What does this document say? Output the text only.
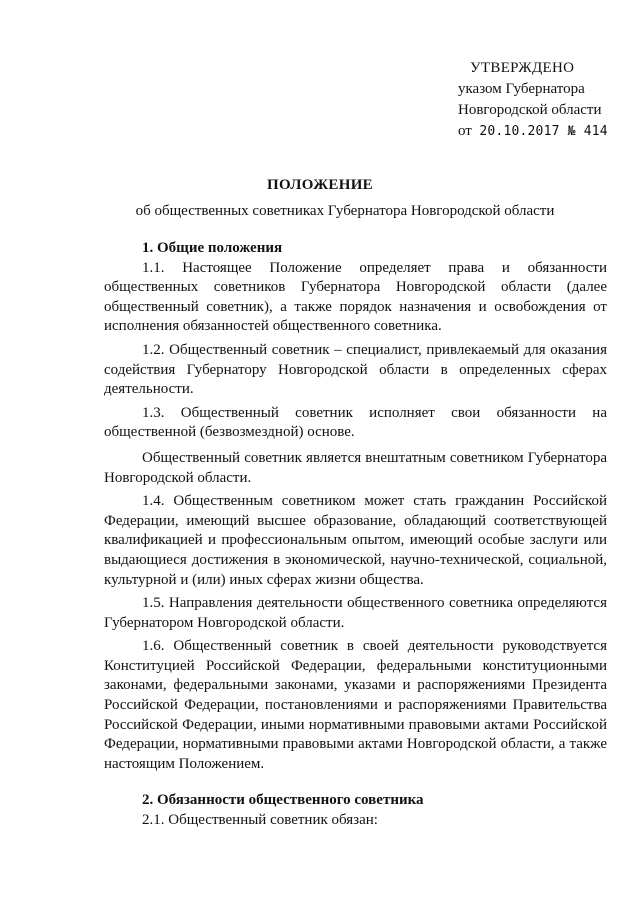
УТВЕРЖДЕНО
указом Губернатора
Новгородской области
от 20.10.2017 № 414
ПОЛОЖЕНИЕ
об общественных советниках Губернатора Новгородской области

1. Общие положения

1.1. Настоящее Положение определяет права и обязанности общественных советников Губернатора Новгородской области (далее общественный советник), а также порядок назначения и освобождения от исполнения обязанностей общественного советника.

1.2. Общественный советник – специалист, привлекаемый для оказания содействия Губернатору Новгородской области в определенных сферах деятельности.

1.3. Общественный советник исполняет свои обязанности на общественной (безвозмездной) основе.

Общественный советник является внештатным советником Губернатора Новгородской области.

1.4. Общественным советником может стать гражданин Российской Федерации, имеющий высшее образование, обладающий соответствующей квалификацией и профессиональным опытом, имеющий особые заслуги или выдающиеся достижения в экономической, научно-технической, социальной, культурной и (или) иных сферах жизни общества.

1.5. Направления деятельности общественного советника определяются Губернатором Новгородской области.

1.6. Общественный советник в своей деятельности руководствуется Конституцией Российской Федерации, федеральными конституционными законами, федеральными законами, указами и распоряжениями Президента Российской Федерации, постановлениями и распоряжениями Правительства Российской Федерации, иными нормативными правовыми актами Российской Федерации, нормативными правовыми актами Новгородской области, а также настоящим Положением.

2. Обязанности общественного советника

2.1. Общественный советник обязан:
